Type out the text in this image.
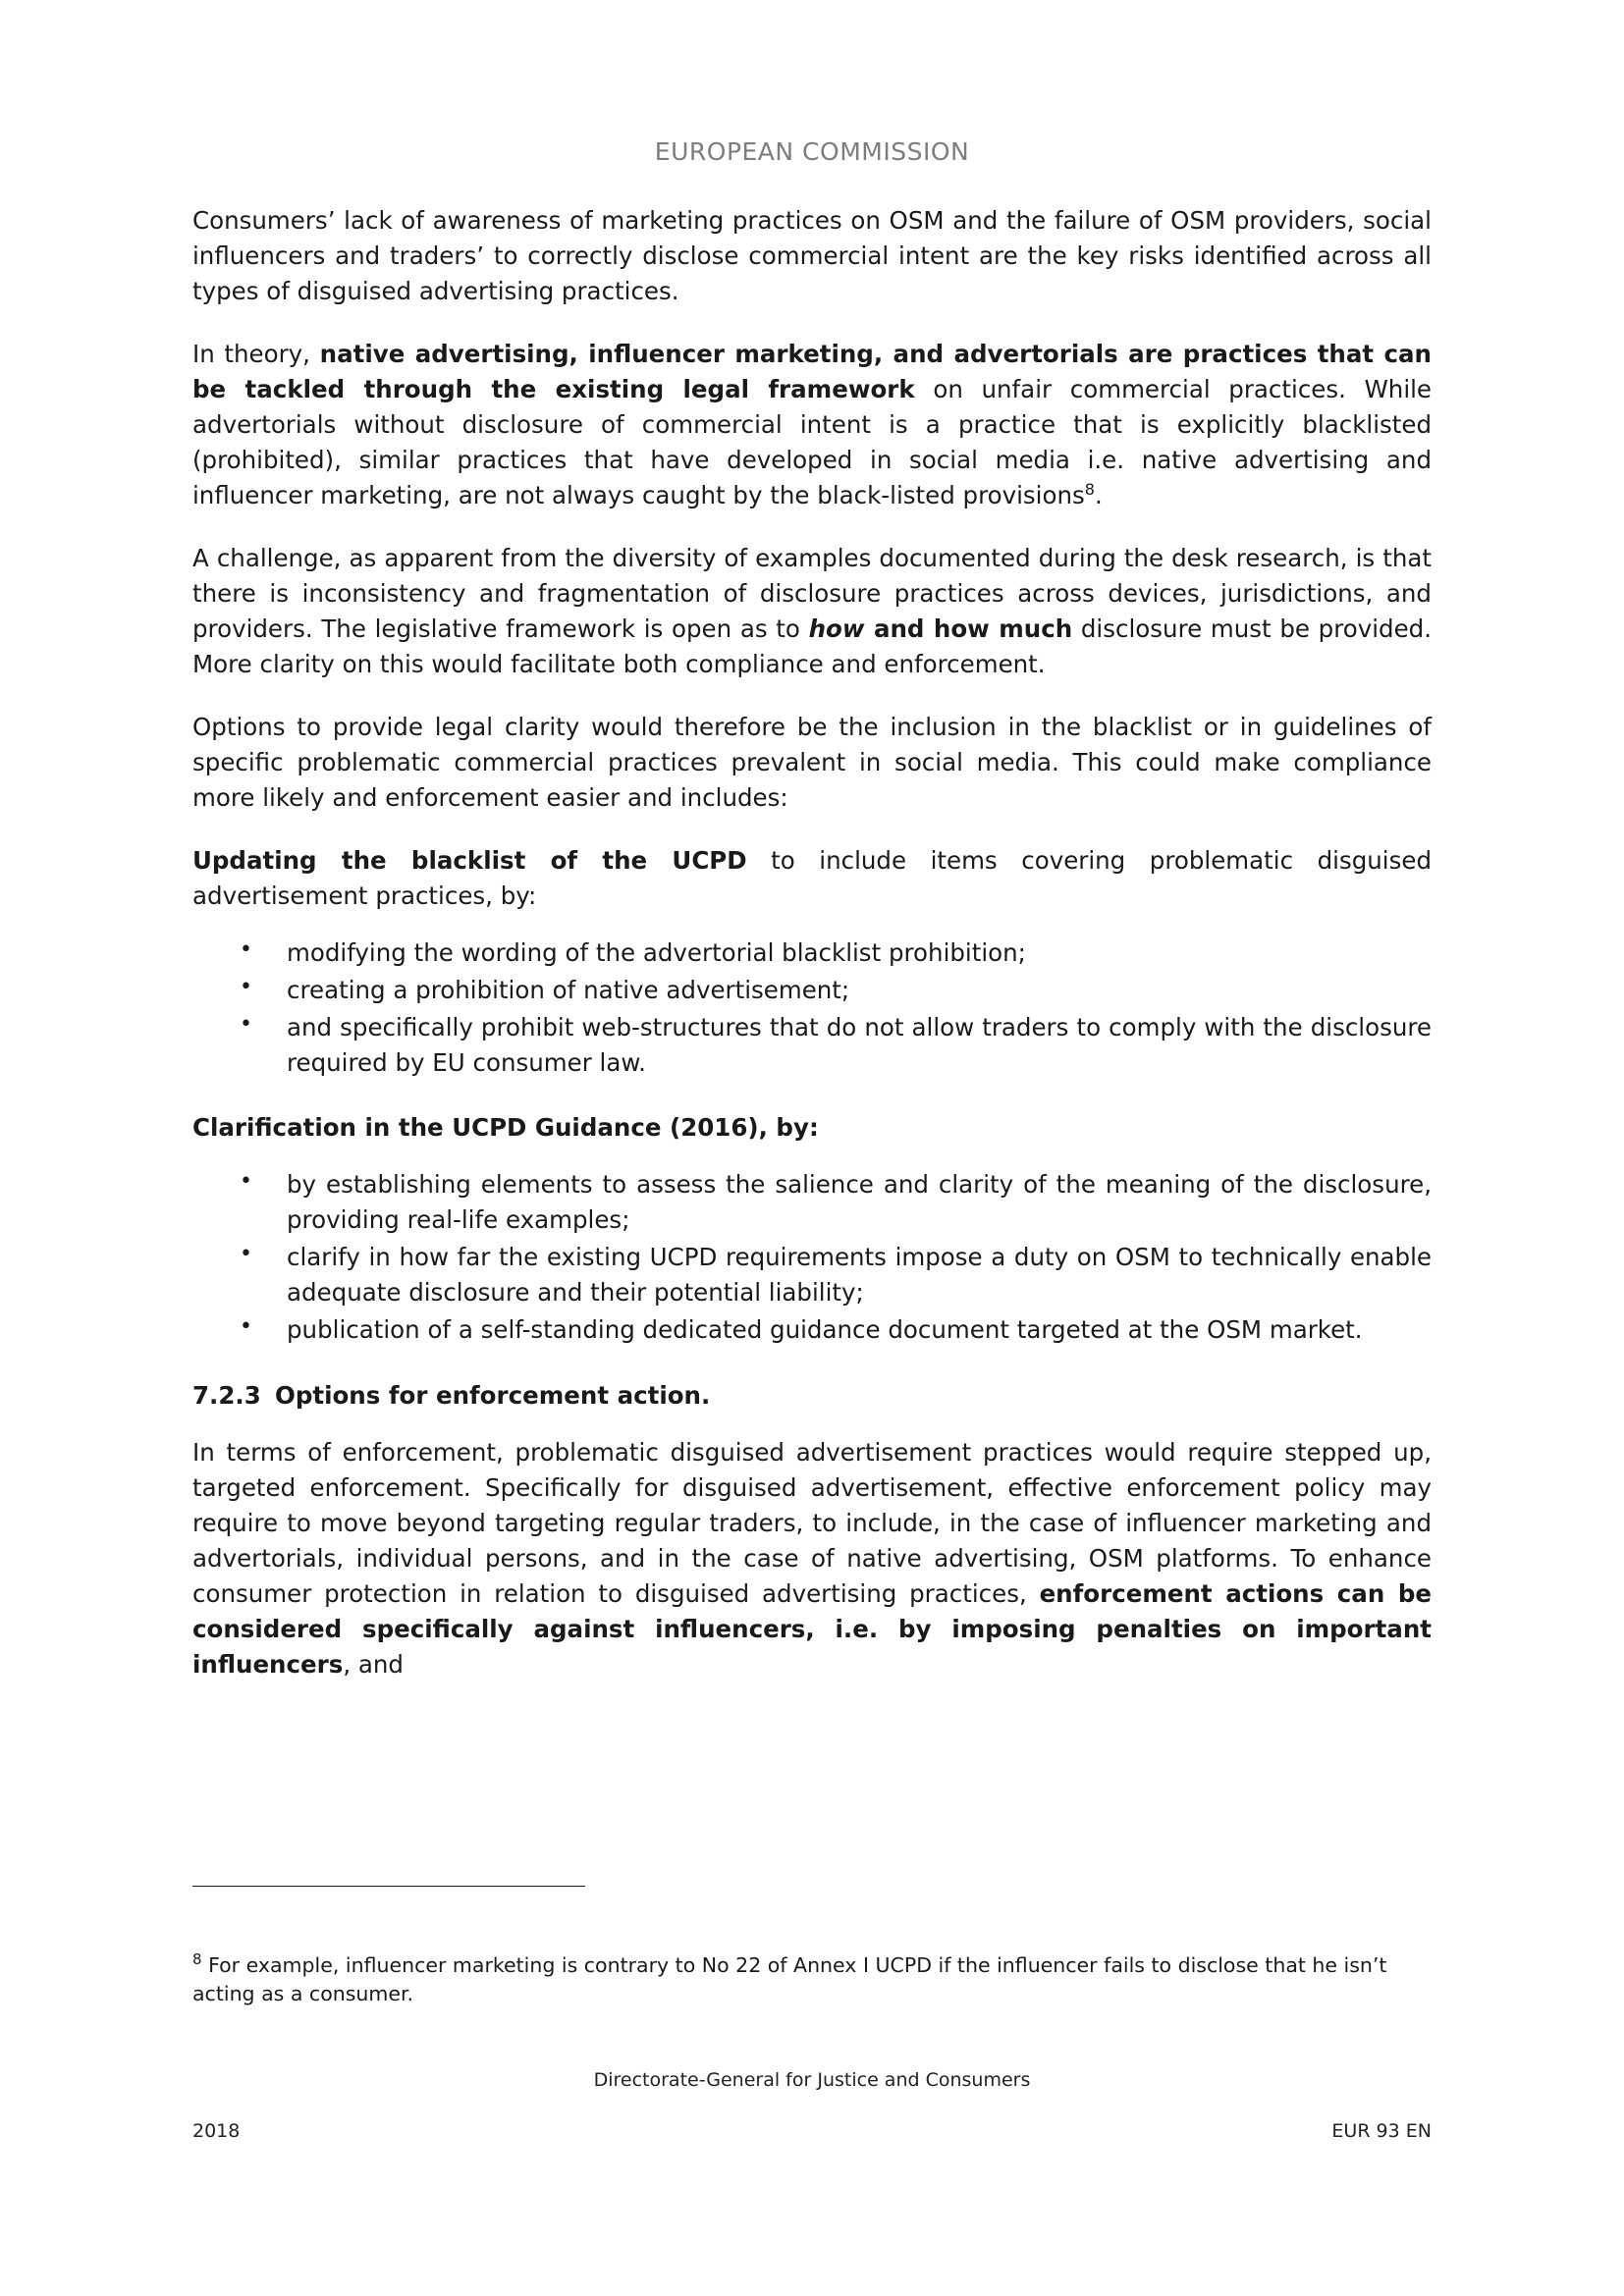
EUROPEAN COMMISSION

Consumers’ lack of awareness of marketing practices on OSM and the failure of OSM providers, social influencers and traders’ to correctly disclose commercial intent are the key risks identified across all types of disguised advertising practices.

In theory, native advertising, influencer marketing, and advertorials are practices that can be tackled through the existing legal framework on unfair commercial practices. While advertorials without disclosure of commercial intent is a practice that is explicitly blacklisted (prohibited), similar practices that have developed in social media i.e. native advertising and influencer marketing, are not always caught by the black-listed provisions$^8$.

A challenge, as apparent from the diversity of examples documented during the desk research, is that there is inconsistency and fragmentation of disclosure practices across devices, jurisdictions, and providers. The legislative framework is open as to how and how much disclosure must be provided. More clarity on this would facilitate both compliance and enforcement.

Options to provide legal clarity would therefore be the inclusion in the blacklist or in guidelines of specific problematic commercial practices prevalent in social media. This could make compliance more likely and enforcement easier and includes:

Updating the blacklist of the UCPD to include items covering problematic disguised advertisement practices, by:

• modifying the wording of the advertorial blacklist prohibition;
• creating a prohibition of native advertisement;
• and specifically prohibit web-structures that do not allow traders to comply with the disclosure required by EU consumer law.

Clarification in the UCPD Guidance (2016), by:

• by establishing elements to assess the salience and clarity of the meaning of the disclosure, providing real-life examples;
• clarify in how far the existing UCPD requirements impose a duty on OSM to technically enable adequate disclosure and their potential liability;
• publication of a self-standing dedicated guidance document targeted at the OSM market.
7.2.3 Options for enforcement action.

In terms of enforcement, problematic disguised advertisement practices would require stepped up, targeted enforcement. Specifically for disguised advertisement, effective enforcement policy may require to move beyond targeting regular traders, to include, in the case of influencer marketing and advertorials, individual persons, and in the case of native advertising, OSM platforms. To enhance consumer protection in relation to disguised advertising practices, enforcement actions can be considered specifically against influencers, i.e. by imposing penalties on important influencers, and

$^8$ For example, influencer marketing is contrary to No 22 of Annex I UCPD if the influencer fails to disclose that he isn’t acting as a consumer.
Directorate-General for Justice and Consumers
2018	EUR 93 EN
